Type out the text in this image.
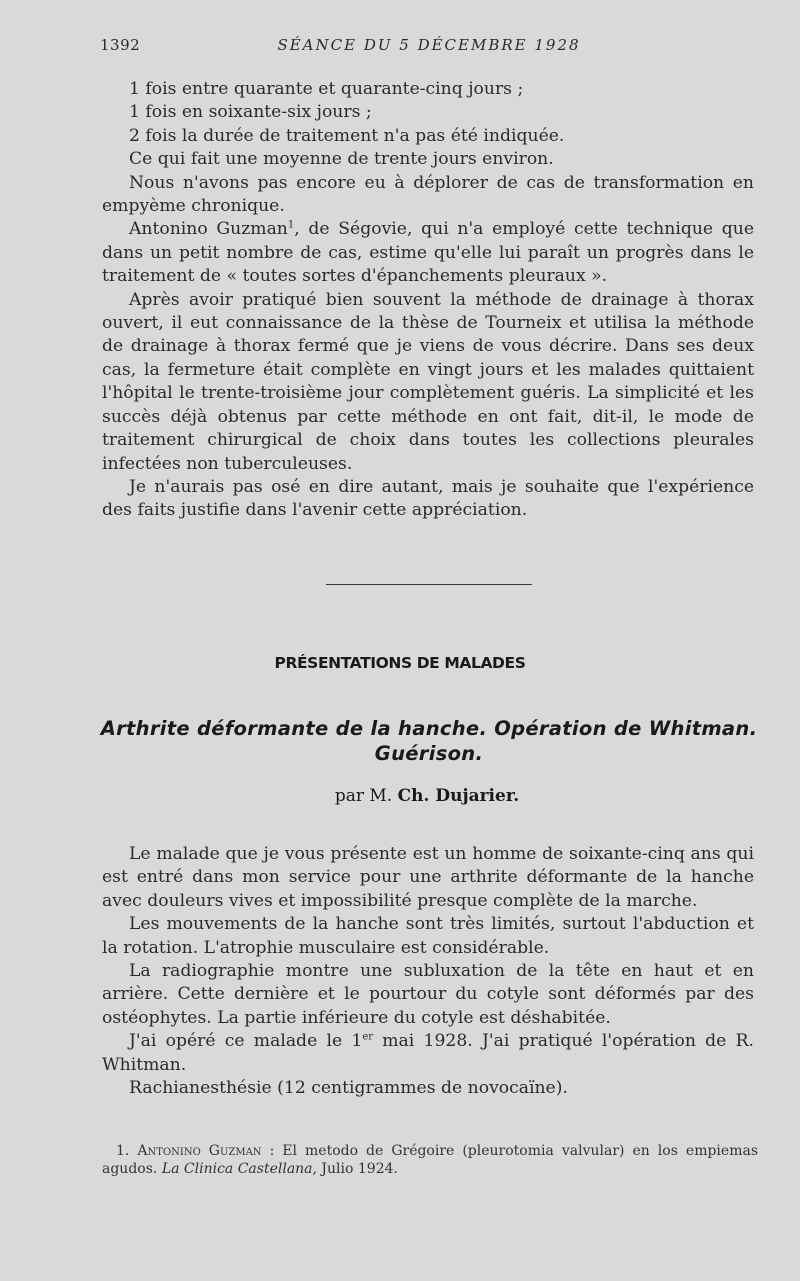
1392	SÉANCE DU 5 DÉCEMBRE 1928

1 fois entre quarante et quarante-cinq jours ;

1 fois en soixante-six jours ;

2 fois la durée de traitement n'a pas été indiquée.

Ce qui fait une moyenne de trente jours environ.

Nous n'avons pas encore eu à déplorer de cas de transformation en empyème chronique.

Antonino Guzman$^1$, de Ségovie, qui n'a employé cette technique que dans un petit nombre de cas, estime qu'elle lui paraît un progrès dans le traitement de « toutes sortes d'épanchements pleuraux ».

Après avoir pratiqué bien souvent la méthode de drainage à thorax ouvert, il eut connaissance de la thèse de Tourneix et utilisa la méthode de drainage à thorax fermé que je viens de vous décrire. Dans ses deux cas, la fermeture était complète en vingt jours et les malades quittaient l'hôpital le trente-troisième jour complètement guéris. La simplicité et les succès déjà obtenus par cette méthode en ont fait, dit-il, le mode de traitement chirurgical de choix dans toutes les collections pleurales infectées non tuberculeuses.

Je n'aurais pas osé en dire autant, mais je souhaite que l'expérience des faits justifie dans l'avenir cette appréciation.

PRÉSENTATIONS DE MALADES
Arthrite déformante de la hanche. Opération de Whitman.
Guérison.
par M. Ch. Dujarier.

Le malade que je vous présente est un homme de soixante-cinq ans qui est entré dans mon service pour une arthrite déformante de la hanche avec douleurs vives et impossibilité presque complète de la marche.

Les mouvements de la hanche sont très limités, surtout l'abduction et la rotation. L'atrophie musculaire est considérable.

La radiographie montre une subluxation de la tête en haut et en arrière. Cette dernière et le pourtour du cotyle sont déformés par des ostéophytes. La partie inférieure du cotyle est déshabitée.

J'ai opéré ce malade le 1er mai 1928. J'ai pratiqué l'opération de R. Whitman.

Rachianesthésie (12 centigrammes de novocaïne).

1. Antonino Guzman : El metodo de Grégoire (pleurotomia valvular) en los empiemas agudos. La Clinica Castellana, Julio 1924.
